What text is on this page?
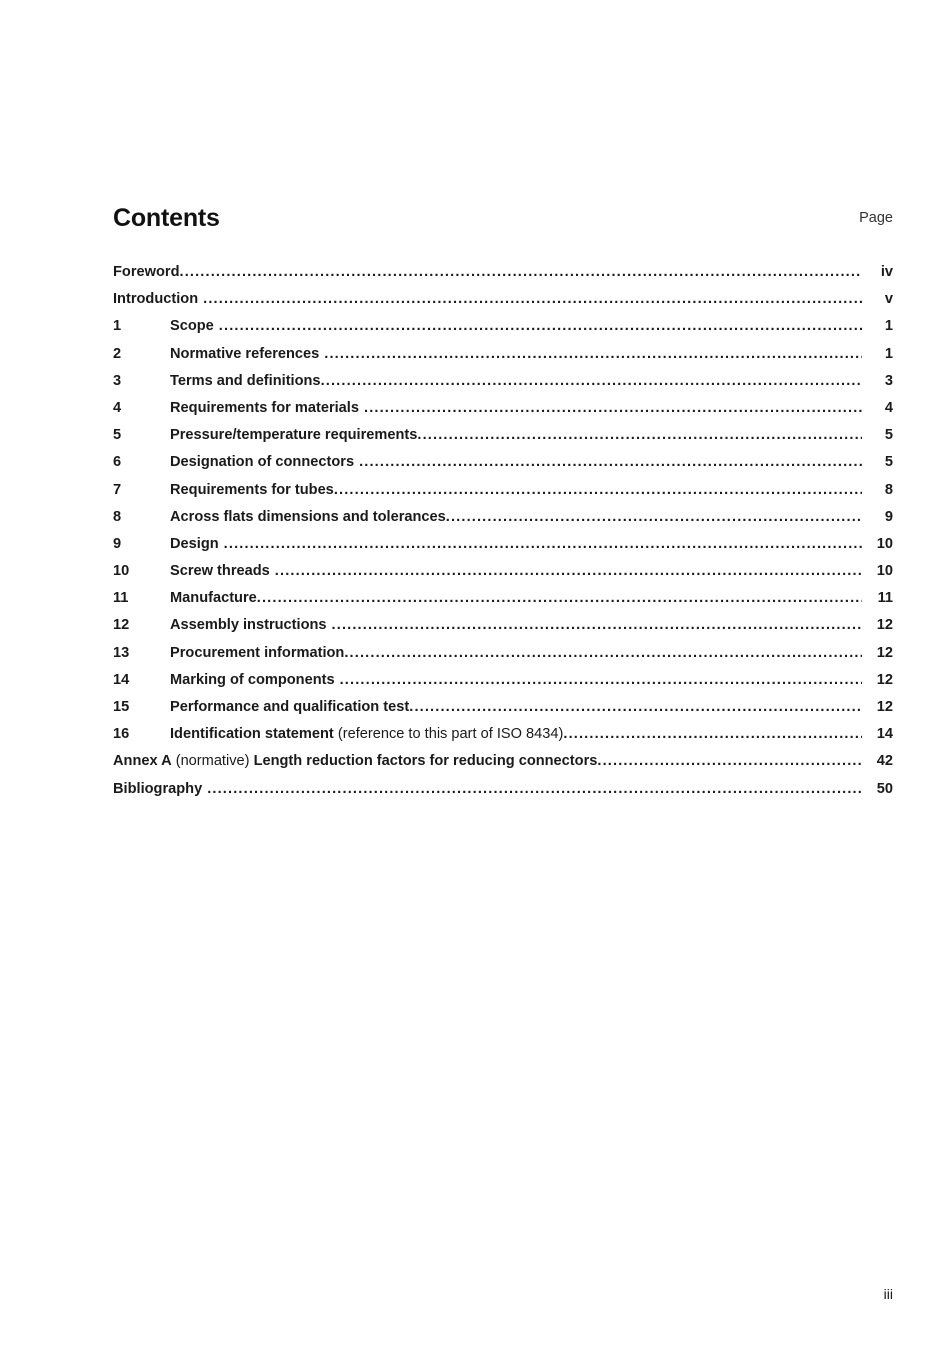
Contents	Page
Foreword .....	iv
Introduction .....	v
1	Scope .....	1
2	Normative references .....	1
3	Terms and definitions .....	3
4	Requirements for materials .....	4
5	Pressure/temperature requirements .....	5
6	Designation of connectors .....	5
7	Requirements for tubes .....	8
8	Across flats dimensions and tolerances .....	9
9	Design .....	10
10	Screw threads .....	10
11	Manufacture .....	11
12	Assembly instructions .....	12
13	Procurement information .....	12
14	Marking of components .....	12
15	Performance and qualification test .....	12
16	Identification statement (reference to this part of ISO 8434) .....	14
Annex A (normative) Length reduction factors for reducing connectors .....	42
Bibliography .....	50
iii
